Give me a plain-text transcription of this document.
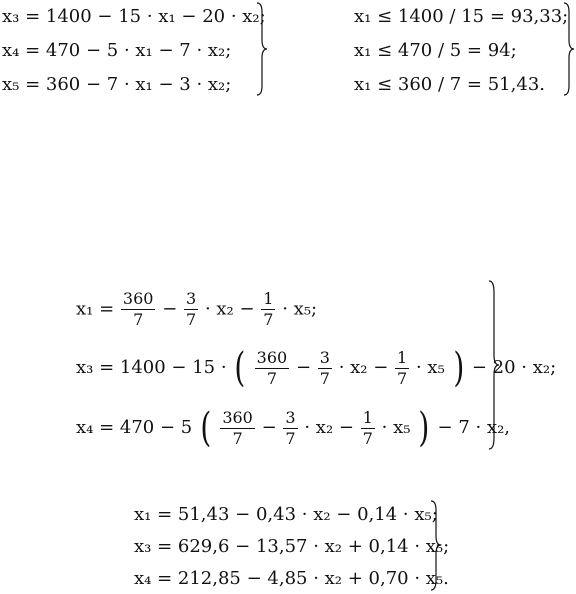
x₃ = 1400 − 15 · x₁ − 20 · x₂;
x₄ = 470 − 5 · x₁ − 7 · x₂;
x₅ = 360 − 7 · x₁ − 3 · x₂;
x₁ ≤ 1400 / 15 = 93,33;
x₁ ≤ 470 / 5 = 94;
x₁ ≤ 360 / 7 = 51,43.
$x_1 = \frac{360}{7} - \frac{3}{7} \cdot x_2 - \frac{1}{7} \cdot x_5$;
x₃ = 1400 − 15 · ( $\frac{360}{7} - \frac{3}{7} \cdot x_2 - \frac{1}{7} \cdot x_5$ ) − 20 · x₂;
x₄ = 470 − 5 ( $\frac{360}{7} - \frac{3}{7} \cdot x_2 - \frac{1}{7} \cdot x_5$ ) − 7 · x₂,
x₁ = 51,43 − 0,43 · x₂ − 0,14 · x₅;
x₃ = 629,6 − 13,57 · x₂ + 0,14 · x₅;
x₄ = 212,85 − 4,85 · x₂ + 0,70 · x₅.
